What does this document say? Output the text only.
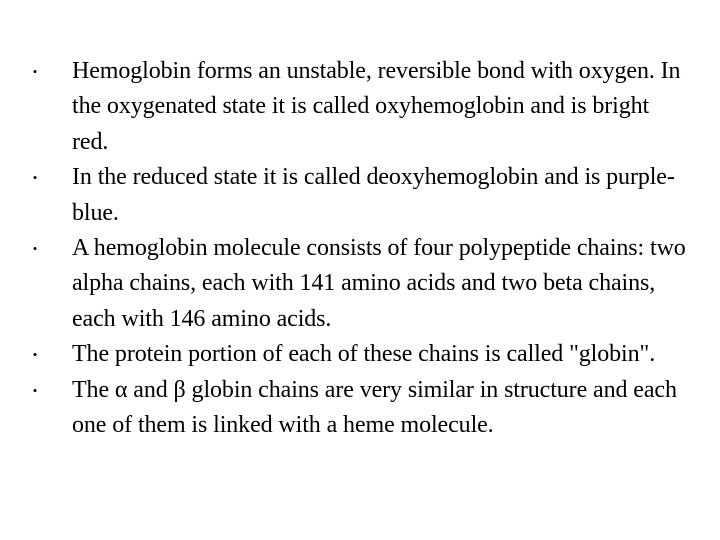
• Hemoglobin forms an unstable, reversible bond with oxygen. In the oxygenated state it is called oxyhemoglobin and is bright red.
• In the reduced state it is called deoxyhemoglobin and is purple-blue.
• A hemoglobin molecule consists of four polypeptide chains: two alpha chains, each with 141 amino acids and two beta chains, each with 146 amino acids.
• The protein portion of each of these chains is called "globin".
• The α and β globin chains are very similar in structure and each one of them is linked with a heme molecule.
